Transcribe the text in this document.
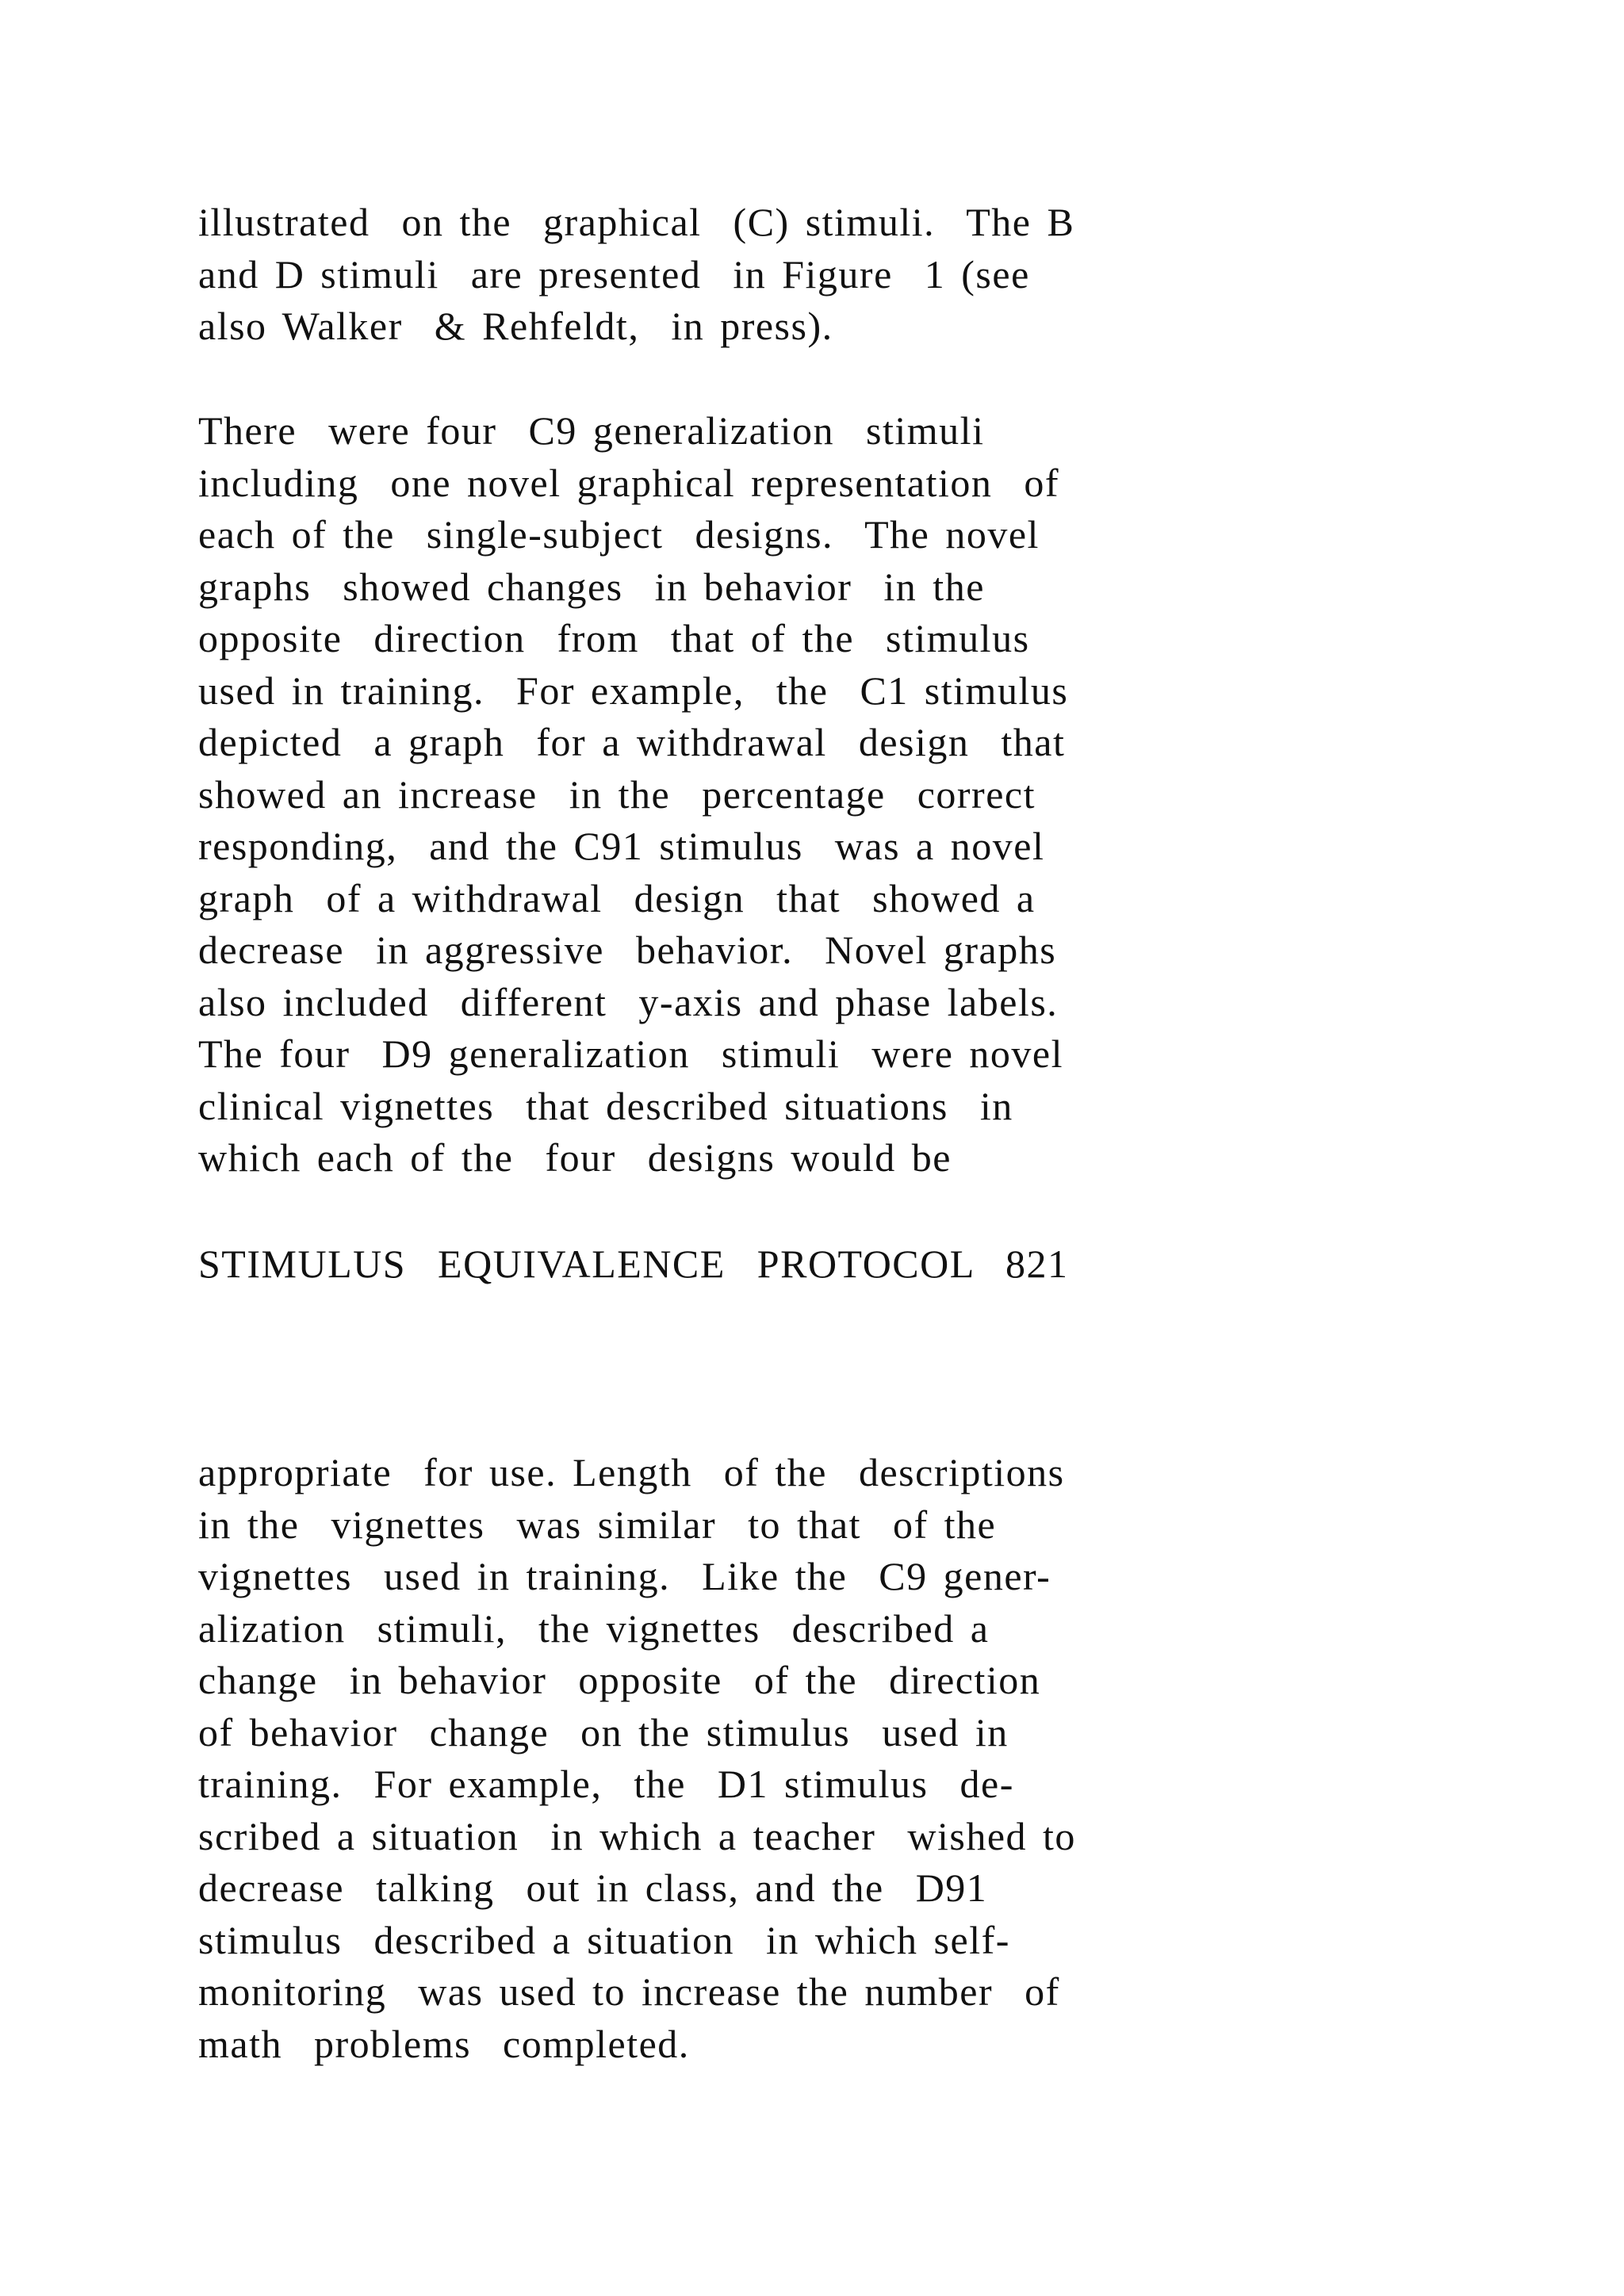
illustrated  on the  graphical  (C) stimuli.  The B
and D stimuli  are presented  in Figure  1 (see
also Walker  & Rehfeldt,  in press).
There  were four  C9 generalization  stimuli
including  one novel graphical representation  of
each of the  single-subject  designs.  The novel
graphs  showed changes  in behavior  in the
opposite  direction  from  that of the  stimulus
used in training.  For example,  the  C1 stimulus
depicted  a graph  for a withdrawal  design  that
showed an increase  in the  percentage  correct
responding,  and the C91 stimulus  was a novel
graph  of a withdrawal  design  that  showed a
decrease  in aggressive  behavior.  Novel graphs
also included  different  y-axis and phase labels.
The four  D9 generalization  stimuli  were novel
clinical vignettes  that described situations  in
which each of the  four  designs would be
STIMULUS  EQUIVALENCE  PROTOCOL  821
appropriate  for use. Length  of the  descriptions
in the  vignettes  was similar  to that  of the
vignettes  used in training.  Like the  C9 gener-
alization  stimuli,  the vignettes  described a
change  in behavior  opposite  of the  direction
of behavior  change  on the stimulus  used in
training.  For example,  the  D1 stimulus  de-
scribed a situation  in which a teacher  wished to
decrease  talking  out in class, and the  D91
stimulus  described a situation  in which self-
monitoring  was used to increase the number  of
math  problems  completed.
